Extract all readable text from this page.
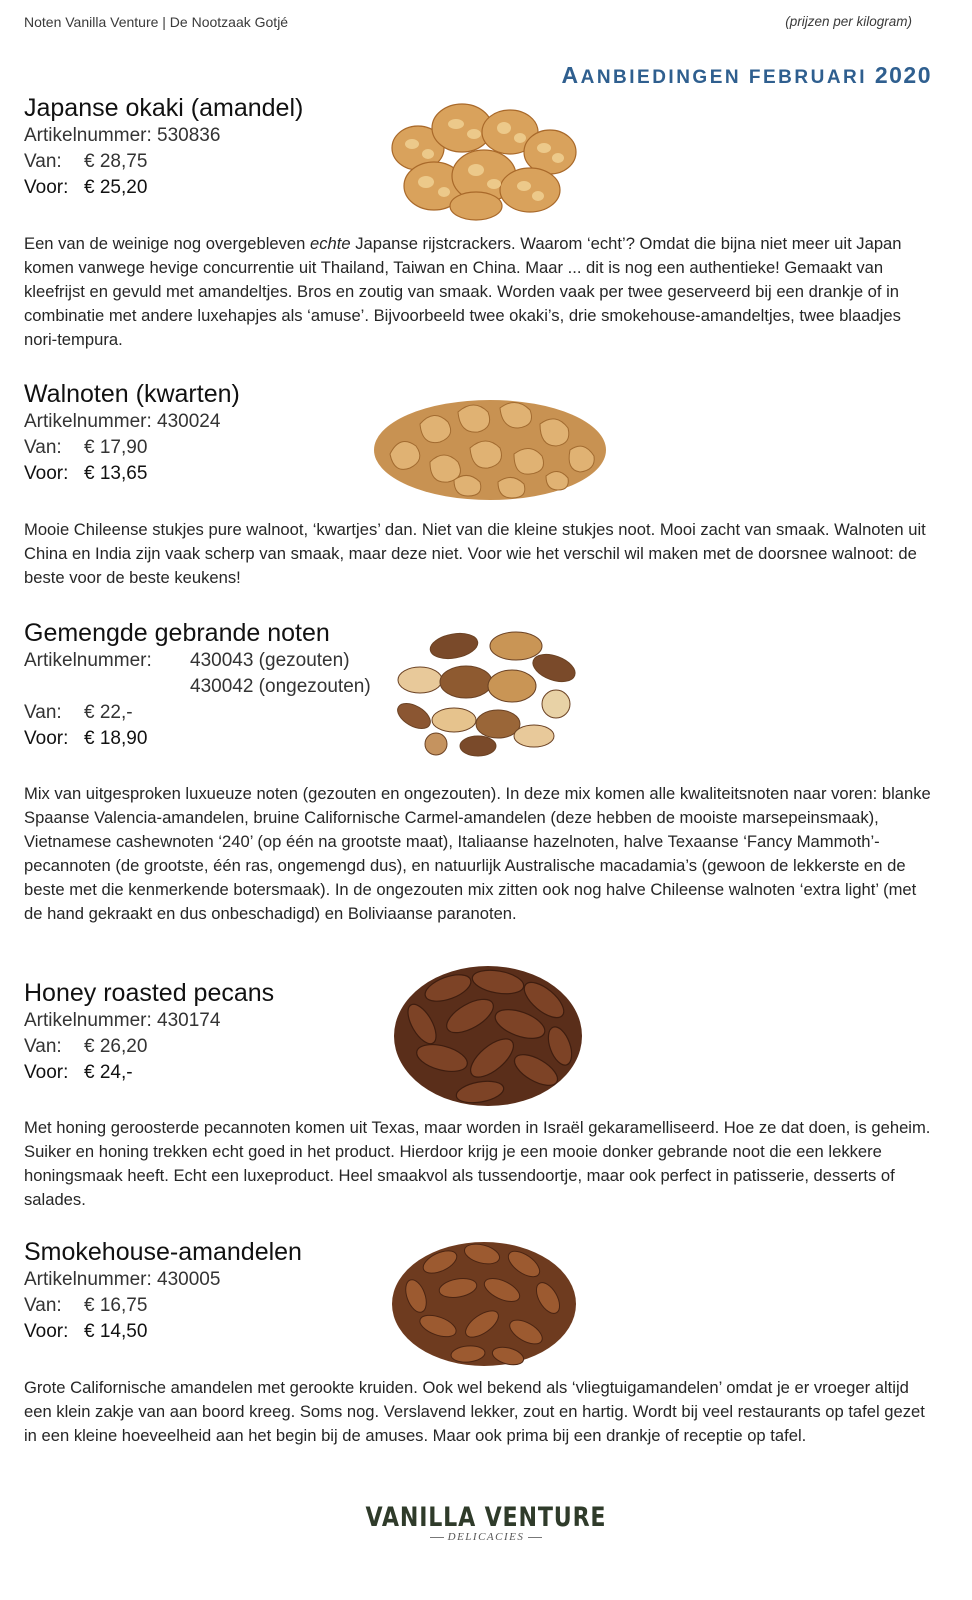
Noten Vanilla Venture | De Nootzaak Gotjé	(prijzen per kilogram)
AANBIEDINGEN FEBRUARI 2020
Japanse okaki (amandel)
Artikelnummer:
530836
Van:	€ 28,75
Voor: € 25,20
Een van de weinige nog overgebleven echte Japanse rijstcrackers. Waarom ‘echt’? Omdat die bijna niet meer uit Japan komen vanwege hevige concurrentie uit Thailand, Taiwan en China. Maar ... dit is nog een authentieke! Gemaakt van kleefrijst en gevuld met amandeltjes. Bros en zoutig van smaak. Worden vaak per twee geserveerd bij een drankje of in combinatie met andere luxehapjes als ‘amuse’. Bijvoorbeeld twee okaki’s, drie smokehouse-amandeltjes, twee blaadjes nori-tempura.
Walnoten (kwarten)
Artikelnummer:
430024
Van:	€ 17,90
Voor: € 13,65
Mooie Chileense stukjes pure walnoot, ‘kwartjes’ dan. Niet van die kleine stukjes noot. Mooi zacht van smaak. Walnoten uit China en India zijn vaak scherp van smaak, maar deze niet. Voor wie het verschil wil maken met de doorsnee walnoot: de beste voor de beste keukens!
Gemengde gebrande noten
Artikelnummer:	430043 (gezouten)
430042 (ongezouten)
Van:	€ 22,-
Voor: € 18,90
Mix van uitgesproken luxueuze noten (gezouten en ongezouten). In deze mix komen alle kwaliteitsnoten naar voren: blanke Spaanse Valencia-amandelen, bruine Californische Carmel-amandelen (deze hebben de mooiste marsepeinsmaak), Vietnamese cashewnoten ‘240’ (op één na grootste maat), Italiaanse hazelnoten, halve Texaanse ‘Fancy Mammoth’-pecannoten (de grootste, één ras, ongemengd dus), en natuurlijk Australische macadamia’s (gewoon de lekkerste en de beste met die kenmerkende botersmaak). In de ongezouten mix zitten ook nog halve Chileense walnoten ‘extra light’ (met de hand gekraakt en dus onbeschadigd) en Boliviaanse paranoten.
Honey roasted pecans
Artikelnummer:
430174
Van:	€ 26,20
Voor: € 24,-
Met honing geroosterde pecannoten komen uit Texas, maar worden in Israël gekaramelliseerd. Hoe ze dat doen, is geheim. Suiker en honing trekken echt goed in het product. Hierdoor krijg je een mooie donker gebrande noot die een lekkere honingsmaak heeft. Echt een luxeproduct. Heel smaakvol als tussendoortje, maar ook perfect in patisserie, desserts of salades.
Smokehouse-amandelen
Artikelnummer:
430005
Van:	€ 16,75
Voor: € 14,50
Grote Californische amandelen met gerookte kruiden. Ook wel bekend als ‘vliegtuigamandelen’ omdat je er vroeger altijd een klein zakje van aan boord kreeg. Soms nog. Verslavend lekker, zout en hartig. Wordt bij veel restaurants op tafel gezet in een kleine hoeveelheid aan het begin bij de amuses. Maar ook prima bij een drankje of receptie op tafel.
VANILLA VENTURE
DELICACIES
